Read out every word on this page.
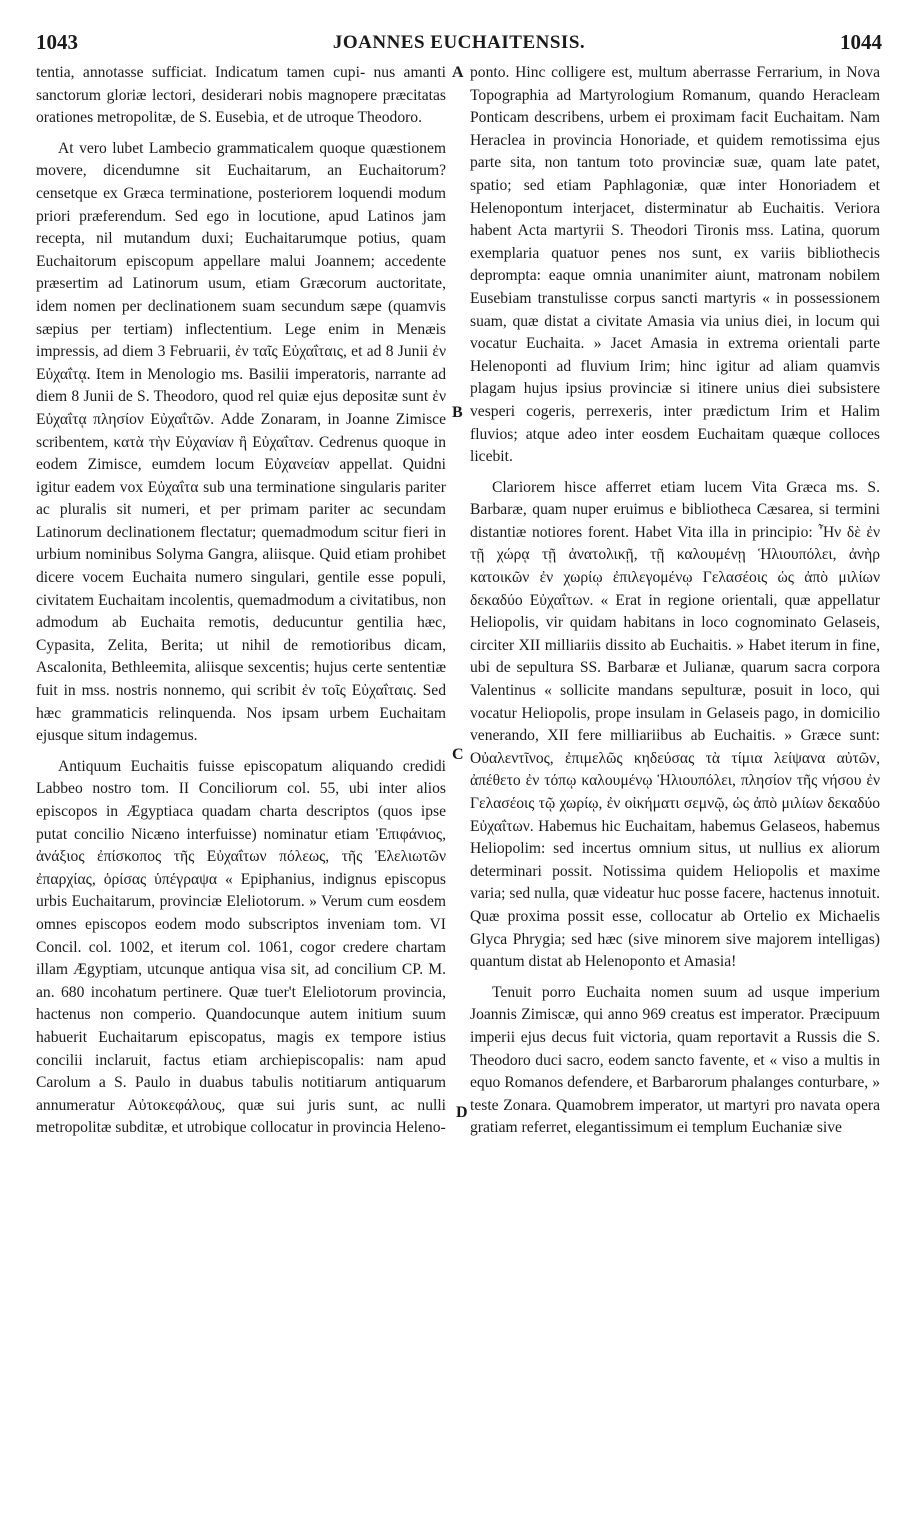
1043	JOANNES EUCHAITENSIS.	1044
A
B
C
D

tentia, annotasse sufficiat. Indicatum tamen cupi- nus amanti sanctorum gloriæ lectori, desiderari nobis magnopere præcitatas orationes metropolitæ, de S. Eusebia, et de utroque Theodoro.

At vero lubet Lambecio grammaticalem quoque quæstionem movere, dicendumne sit Euchaitarum, an Euchaitorum? censetque ex Græca terminatione, posteriorem loquendi modum priori præferendum. Sed ego in locutione, apud Latinos jam recepta, nil mutandum duxi; Euchaitarumque potius, quam Euchaitorum episcopum appellare malui Joannem; accedente præsertim ad Latinorum usum, etiam Græcorum auctoritate, idem nomen per declinationem suam secundum sæpe (quamvis sæpius per tertiam) inflectentium. Lege enim in Menæis impressis, ad diem 3 Februarii, ἐν ταῖς Εὐχαΐταις, et ad 8 Junii ἐν Εὐχαΐτᾳ. Item in Menologio ms. Basilii imperatoris, narrante ad diem 8 Junii de S. Theodoro, quod rel quiæ ejus depositæ sunt ἐν Εὐχαΐτᾳ πλησίον Εὐχαΐτῶν. Adde Zonaram, in Joanne Zimisce scribentem, κατὰ τὴν Εὐχανίαν ἢ Εὐχαΐταν. Cedrenus quoque in eodem Zimisce, eumdem locum Εὐχανείαν appellat. Quidni igitur eadem vox Εὐχαΐτα sub una terminatione singularis pariter ac pluralis sit numeri, et per primam pariter ac secundam Latinorum declinationem flectatur; quemadmodum scitur fieri in urbium nominibus Solyma Gangra, aliisque. Quid etiam prohibet dicere vocem Euchaita numero singulari, gentile esse populi, civitatem Euchaitam incolentis, quemadmodum a civitatibus, non admodum ab Euchaita remotis, deducuntur gentilia hæc, Cypasita, Zelita, Berita; ut nihil de remotioribus dicam, Ascalonita, Bethleemita, aliisque sexcentis; hujus certe sententiæ fuit in mss. nostris nonnemo, qui scribit ἐν τοῖς Εὐχαΐταις. Sed hæc grammaticis relinquenda. Nos ipsam urbem Euchaitam ejusque situm indagemus.

Antiquum Euchaitis fuisse episcopatum aliquando credidi Labbeo nostro tom. II Conciliorum col. 55, ubi inter alios episcopos in Ægyptiaca quadam charta descriptos (quos ipse putat concilio Nicæno interfuisse) nominatur etiam Ἐπιφάνιος, ἀνάξιος ἐπίσκοπος τῆς Εὐχαΐτων πόλεως, τῆς Ἐλελιωτῶν ἐπαρχίας, ὁρίσας ὑπέγραψα « Epiphanius, indignus episcopus urbis Euchaitarum, provinciæ Eleliotorum. » Verum cum eosdem omnes episcopos eodem modo subscriptos inveniam tom. VI Concil. col. 1002, et iterum col. 1061, cogor credere chartam illam Ægyptiam, utcunque antiqua visa sit, ad concilium CP. M. an. 680 incohatum pertinere. Quæ tuer't Eleliotorum provincia, hactenus non comperio. Quandocunque autem initium suum habuerit Euchaitarum episcopatus, magis ex tempore istius concilii inclaruit, factus etiam archiepiscopalis: nam apud Carolum a S. Paulo in duabus tabulis notitiarum antiquarum annumeratur Αὐτοκεφάλους, quæ sui juris sunt, ac nulli metropolitæ subditæ, et utrobique collocatur in provincia Heleno-

ponto. Hinc colligere est, multum aberrasse Ferrarium, in Nova Topographia ad Martyrologium Romanum, quando Heracleam Ponticam describens, urbem ei proximam facit Euchaitam. Nam Heraclea in provincia Honoriade, et quidem remotissima ejus parte sita, non tantum toto provinciæ suæ, quam late patet, spatio; sed etiam Paphlagoniæ, quæ inter Honoriadem et Helenopontum interjacet, disterminatur ab Euchaitis. Veriora habent Acta martyrii S. Theodori Tironis mss. Latina, quorum exemplaria quatuor penes nos sunt, ex variis bibliothecis deprompta: eaque omnia unanimiter aiunt, matronam nobilem Eusebiam transtulisse corpus sancti martyris « in possessionem suam, quæ distat a civitate Amasia via unius diei, in locum qui vocatur Euchaita. » Jacet Amasia in extrema orientali parte Helenoponti ad fluvium Irim; hinc igitur ad aliam quamvis plagam hujus ipsius provinciæ si itinere unius diei subsistere vesperi cogeris, perrexeris, inter prædictum Irim et Halim fluvios; atque adeo inter eosdem Euchaitam quæque colloces licebit.

Clariorem hisce afferret etiam lucem Vita Græca ms. S. Barbaræ, quam nuper eruimus e bibliotheca Cæsarea, si termini distantiæ notiores forent. Habet Vita illa in principio: Ἦν δὲ ἐν τῇ χώρᾳ τῇ ἀνατολικῇ, τῇ καλουμένῃ Ἡλιουπόλει, ἀνὴρ κατοικῶν ἐν χωρίῳ ἐπιλεγομένῳ Γελασέοις ὡς ἀπὸ μιλίων δεκαδύο Εὐχαΐτων. « Erat in regione orientali, quæ appellatur Heliopolis, vir quidam habitans in loco cognominato Gelaseis, circiter XII milliariis dissito ab Euchaitis. » Habet iterum in fine, ubi de sepultura SS. Barbaræ et Julianæ, quarum sacra corpora Valentinus « sollicite mandans sepulturæ, posuit in loco, qui vocatur Heliopolis, prope insulam in Gelaseis pago, in domicilio venerando, XII fere milliariibus ab Euchaitis. » Græce sunt: Οὐαλεντῖνος, ἐπιμελῶς κηδεύσας τὰ τίμια λείψανα αὐτῶν, ἀπέθετο ἐν τόπῳ καλουμένῳ Ἡλιουπόλει, πλησίον τῆς νήσου ἐν Γελασέοις τῷ χωρίῳ, ἐν οἰκήματι σεμνῷ, ὡς ἀπὸ μιλίων δεκαδύο Εὐχαΐτων. Habemus hic Euchaitam, habemus Gelaseos, habemus Heliopolim: sed incertus omnium situs, ut nullius ex aliorum determinari possit. Notissima quidem Heliopolis et maxime varia; sed nulla, quæ videatur huc posse facere, hactenus innotuit. Quæ proxima possit esse, collocatur ab Ortelio ex Michaelis Glyca Phrygia; sed hæc (sive minorem sive majorem intelligas) quantum distat ab Helenoponto et Amasia!

Tenuit porro Euchaita nomen suum ad usque imperium Joannis Zimiscæ, qui anno 969 creatus est imperator. Præcipuum imperii ejus decus fuit victoria, quam reportavit a Russis die S. Theodoro duci sacro, eodem sancto favente, et « viso a multis in equo Romanos defendere, et Barbarorum phalanges conturbare, » teste Zonara. Quamobrem imperator, ut martyri pro navata opera gratiam referret, elegantissimum ei templum Euchaniæ sive
